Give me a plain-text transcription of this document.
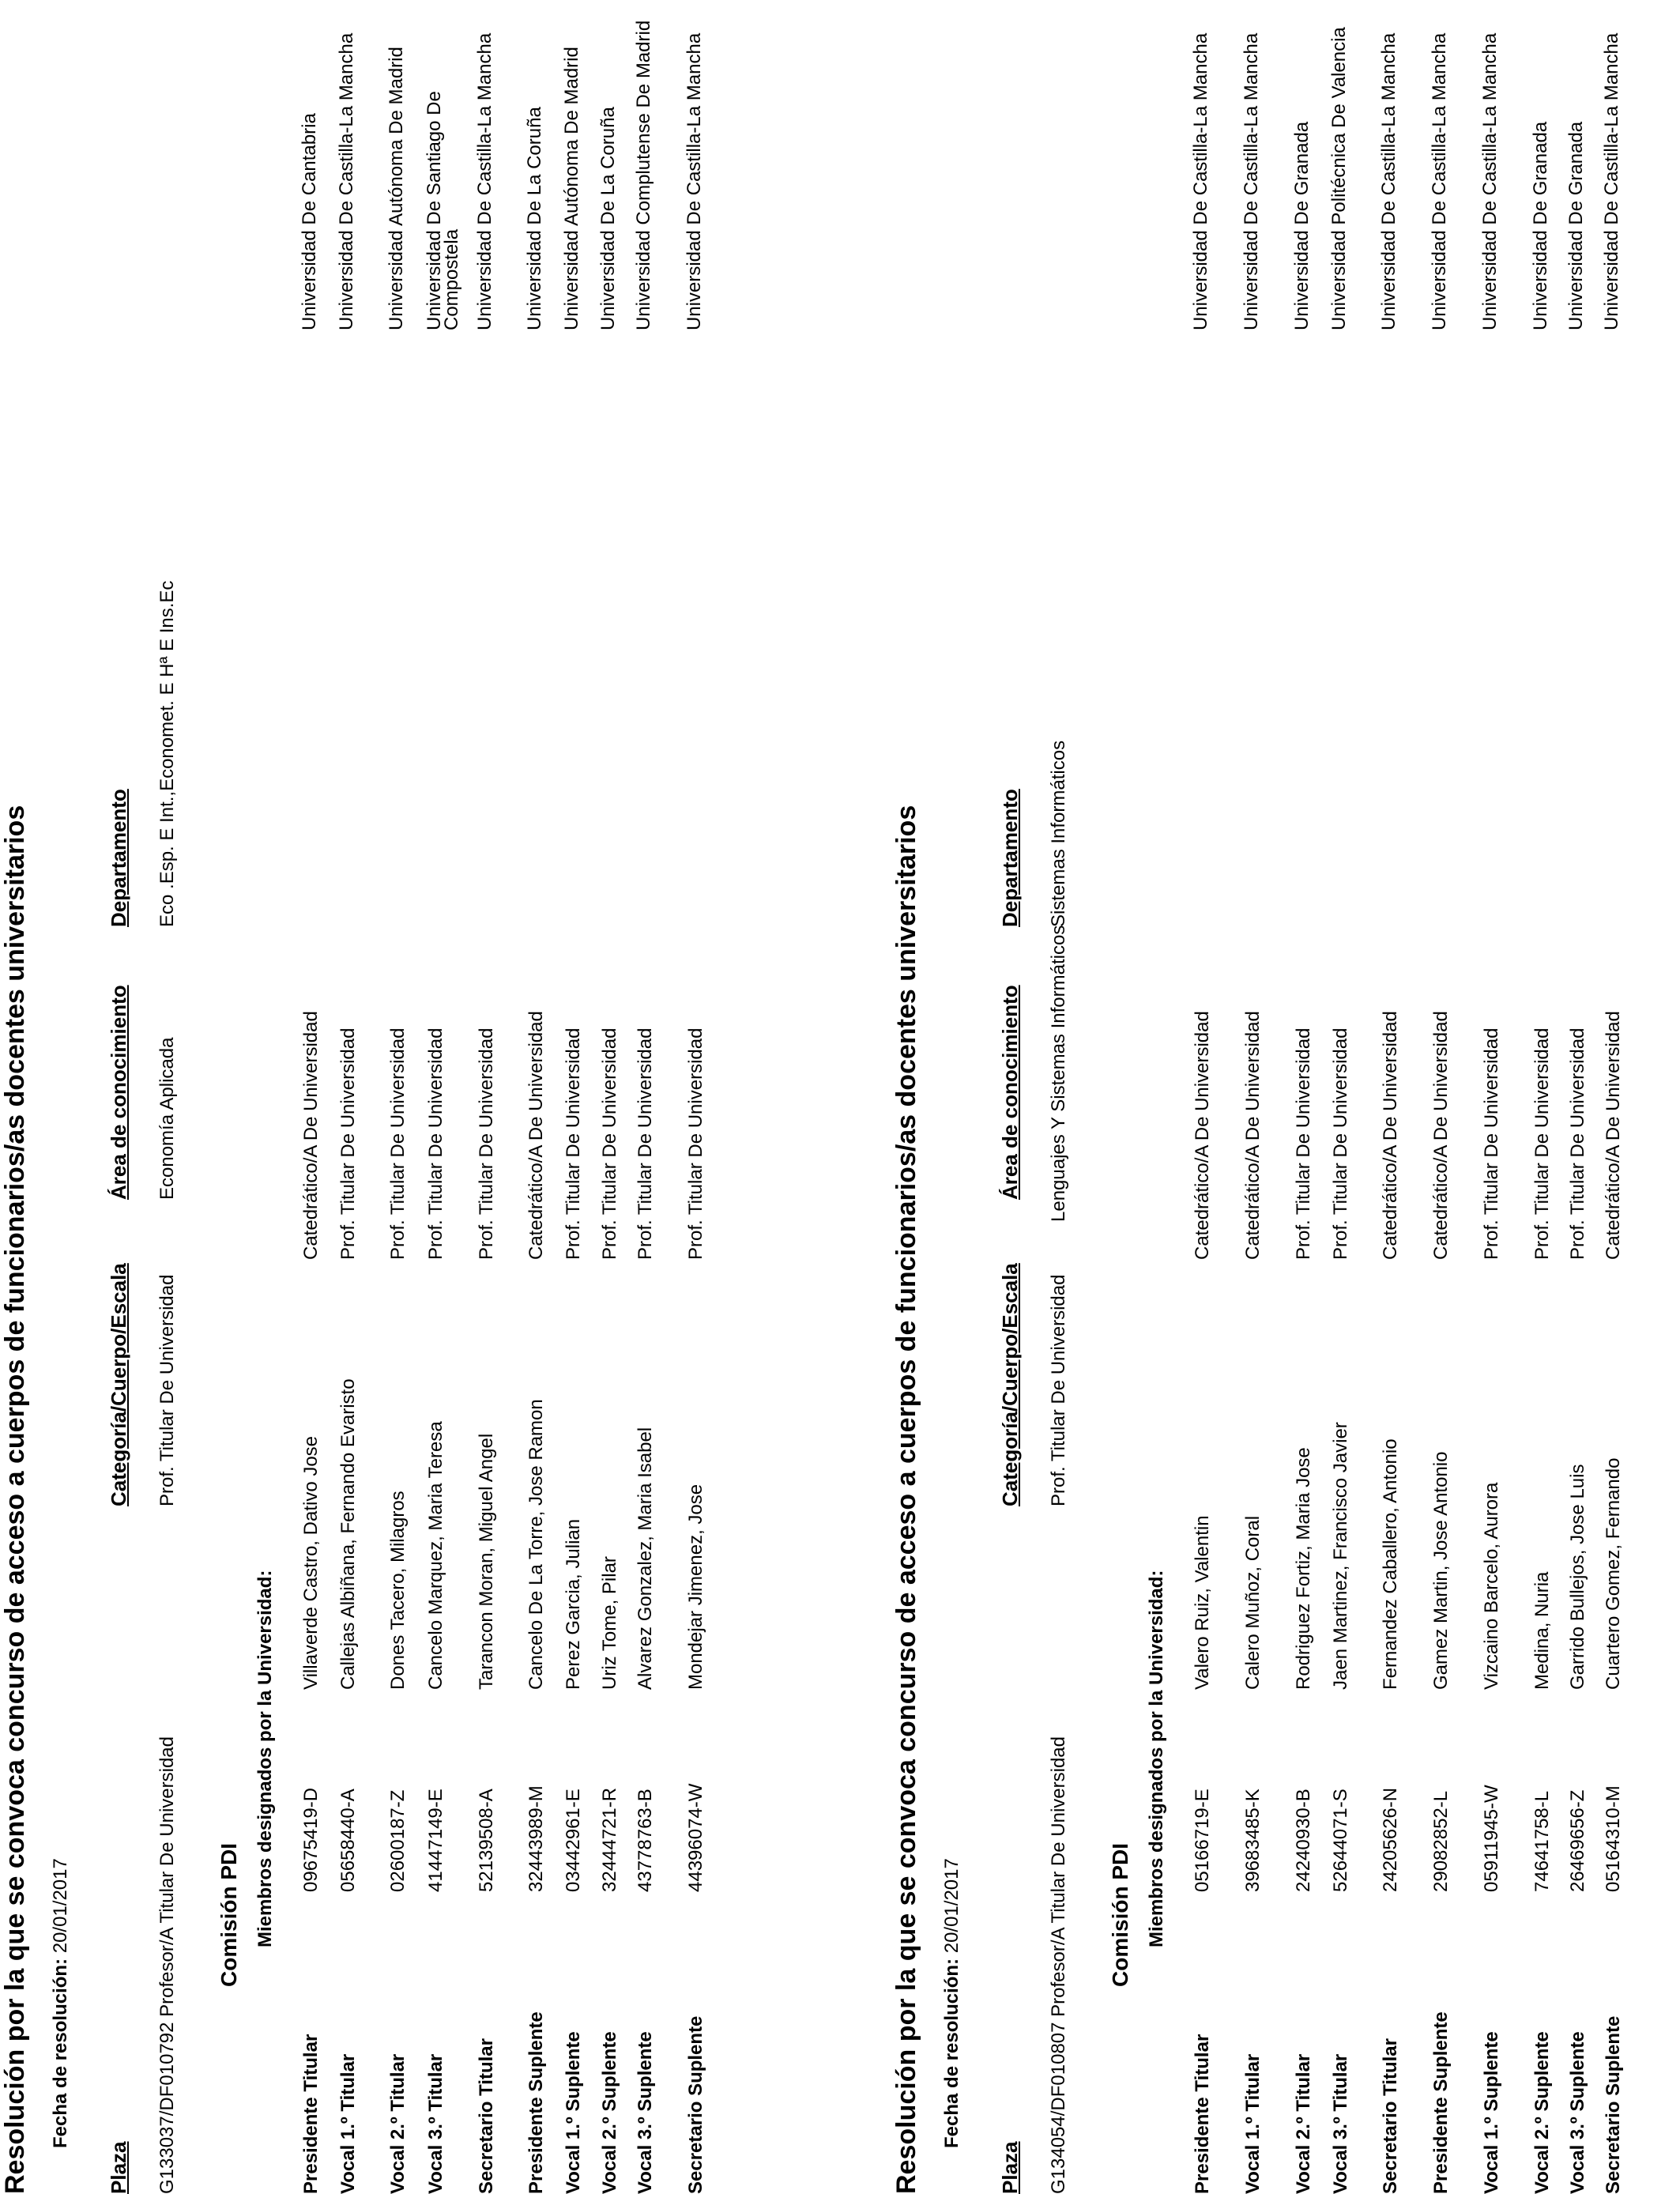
Resolución por la que se convoca concurso de acceso a cuerpos de funcionarios/as docentes universitarios Fecha de resolución: 20/01/2017
Plaza
Categoría/Cuerpo/Escala
Área de conocimiento
Departamento
G133037/DF010792 Profesor/A Titular De Universidad
Prof. Titular De Universidad
Economía Aplicada
Eco .Esp. E Int.,Economet. E Hª E Ins.Ec
Comisión PDI Miembros designados por la Universidad:
Presidente Titular
09675419-D
Villaverde Castro, Dativo Jose
Catedrático/A De Universidad
Universidad De Cantabria
Vocal 1.º Titular
05658440-A
Callejas Albiñana, Fernando Evaristo
Prof. Titular De Universidad
Universidad De Castilla-La Mancha
Vocal 2.º Titular
02600187-Z
Dones Tacero, Milagros
Prof. Titular De Universidad
Universidad Autónoma De Madrid
Vocal 3.º Titular
41447149-E
Cancelo Marquez, Maria Teresa
Prof. Titular De Universidad
Universidad De Santiago De Compostela
Secretario Titular
52139508-A
Tarancon Moran, Miguel Angel
Prof. Titular De Universidad
Universidad De Castilla-La Mancha
Presidente Suplente
32443989-M
Cancelo De La Torre, Jose Ramon
Catedrático/A De Universidad
Universidad De La Coruña
Vocal 1.º Suplente
03442961-E
Perez Garcia, Julian
Prof. Titular De Universidad
Universidad Autónoma De Madrid
Vocal 2.º Suplente
32444721-R
Uriz Tome, Pilar
Prof. Titular De Universidad
Universidad De La Coruña
Vocal 3.º Suplente
43778763-B
Alvarez Gonzalez, Maria Isabel
Prof. Titular De Universidad
Universidad Complutense De Madrid
Secretario Suplente
44396074-W
Mondejar Jimenez, Jose
Prof. Titular De Universidad
Universidad De Castilla-La Mancha
Resolución por la que se convoca concurso de acceso a cuerpos de funcionarios/as docentes universitarios Fecha de resolución: 20/01/2017
Plaza
Categoría/Cuerpo/Escala
Área de conocimiento
Departamento
G134054/DF010807 Profesor/A Titular De Universidad
Prof. Titular De Universidad
Lenguajes Y Sistemas Informáticos
Sistemas Informáticos
Comisión PDI Miembros designados por la Universidad:
Presidente Titular
05166719-E
Valero Ruiz, Valentin
Catedrático/A De Universidad
Universidad De Castilla-La Mancha
Vocal 1.º Titular
39683485-K
Calero Muñoz, Coral
Catedrático/A De Universidad
Universidad De Castilla-La Mancha
Vocal 2.º Titular
24240930-B
Rodriguez Fortiz, Maria Jose
Prof. Titular De Universidad
Universidad De Granada
Vocal 3.º Titular
52644071-S
Jaen Martinez, Francisco Javier
Prof. Titular De Universidad
Universidad Politécnica De Valencia
Secretario Titular
24205626-N
Fernandez Caballero, Antonio
Catedrático/A De Universidad
Universidad De Castilla-La Mancha
Presidente Suplente
29082852-L
Gamez Martin, Jose Antonio
Catedrático/A De Universidad
Universidad De Castilla-La Mancha
Vocal 1.º Suplente
05911945-W
Vizcaino Barcelo, Aurora
Prof. Titular De Universidad
Universidad De Castilla-La Mancha
Vocal 2.º Suplente
74641758-L
Medina, Nuria
Prof. Titular De Universidad
Universidad De Granada
Vocal 3.º Suplente
26469656-Z
Garrido Bullejos, Jose Luis
Prof. Titular De Universidad
Universidad De Granada
Secretario Suplente
05164310-M
Cuartero Gomez, Fernando
Catedrático/A De Universidad
Universidad De Castilla-La Mancha
